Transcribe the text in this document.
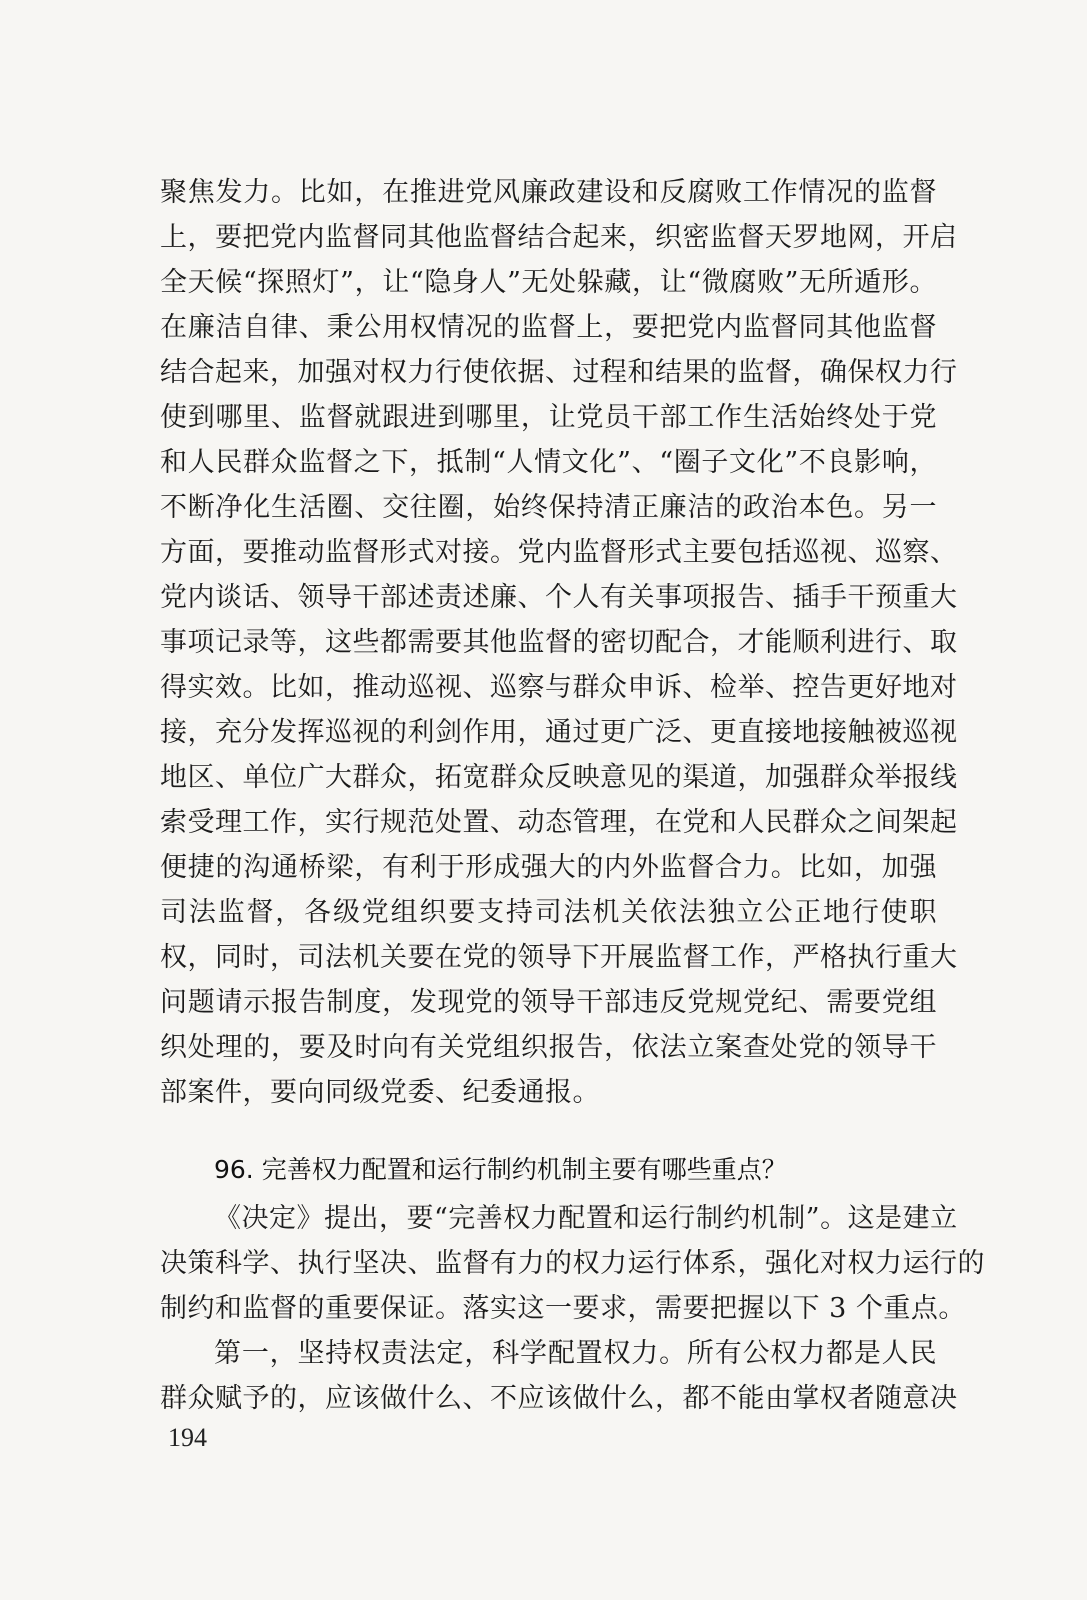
聚焦发力。比如，在推进党风廉政建设和反腐败工作情况的监督
上，要把党内监督同其他监督结合起来，织密监督天罗地网，开启
全天候“探照灯”，让“隐身人”无处躲藏，让“微腐败”无所遁形。
在廉洁自律、秉公用权情况的监督上，要把党内监督同其他监督
结合起来，加强对权力行使依据、过程和结果的监督，确保权力行
使到哪里、监督就跟进到哪里，让党员干部工作生活始终处于党
和人民群众监督之下，抵制“人情文化”、“圈子文化”不良影响，
不断净化生活圈、交往圈，始终保持清正廉洁的政治本色。另一
方面，要推动监督形式对接。党内监督形式主要包括巡视、巡察、
党内谈话、领导干部述责述廉、个人有关事项报告、插手干预重大
事项记录等，这些都需要其他监督的密切配合，才能顺利进行、取
得实效。比如，推动巡视、巡察与群众申诉、检举、控告更好地对
接，充分发挥巡视的利剑作用，通过更广泛、更直接地接触被巡视
地区、单位广大群众，拓宽群众反映意见的渠道，加强群众举报线
索受理工作，实行规范处置、动态管理，在党和人民群众之间架起
便捷的沟通桥梁，有利于形成强大的内外监督合力。比如，加强
司法监督，各级党组织要支持司法机关依法独立公正地行使职
权，同时，司法机关要在党的领导下开展监督工作，严格执行重大
问题请示报告制度，发现党的领导干部违反党规党纪、需要党组
织处理的，要及时向有关党组织报告，依法立案查处党的领导干
部案件，要向同级党委、纪委通报。
96. 完善权力配置和运行制约机制主要有哪些重点？
《决定》提出，要“完善权力配置和运行制约机制”。这是建立
决策科学、执行坚决、监督有力的权力运行体系，强化对权力运行的
制约和监督的重要保证。落实这一要求，需要把握以下 3 个重点。
第一，坚持权责法定，科学配置权力。所有公权力都是人民
群众赋予的，应该做什么、不应该做什么，都不能由掌权者随意决
194
